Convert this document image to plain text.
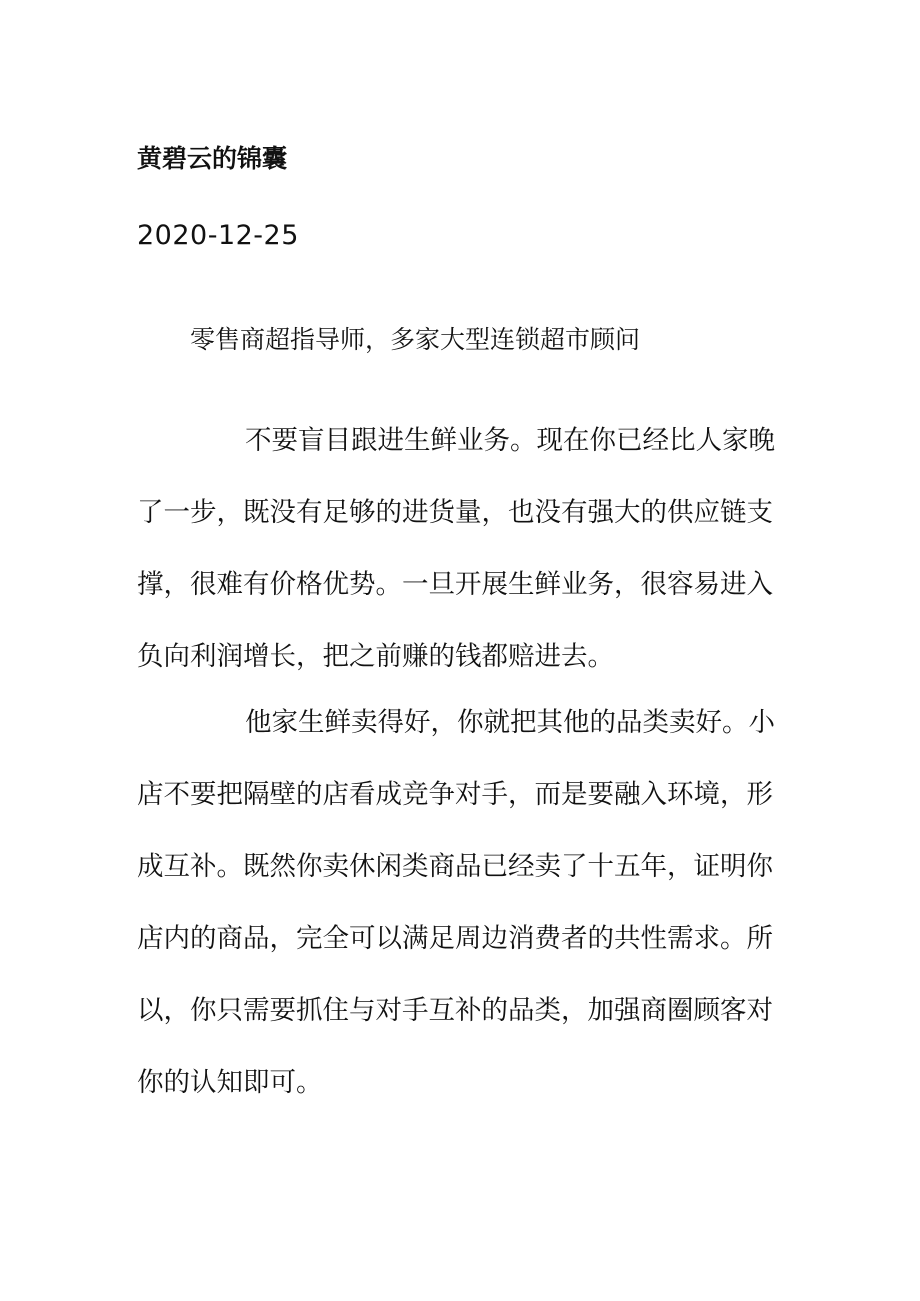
黄碧云的锦囊
2020-12-25
零售商超指导师，多家大型连锁超市顾问

不要盲目跟进生鲜业务。现在你已经比人家晚
了一步，既没有足够的进货量，也没有强大的供应链支
撑，很难有价格优势。一旦开展生鲜业务，很容易进入
负向利润增长，把之前赚的钱都赔进去。

他家生鲜卖得好，你就把其他的品类卖好。小
店不要把隔壁的店看成竞争对手，而是要融入环境，形
成互补。既然你卖休闲类商品已经卖了十五年，证明你
店内的商品，完全可以满足周边消费者的共性需求。所
以，你只需要抓住与对手互补的品类，加强商圈顾客对
你的认知即可。
